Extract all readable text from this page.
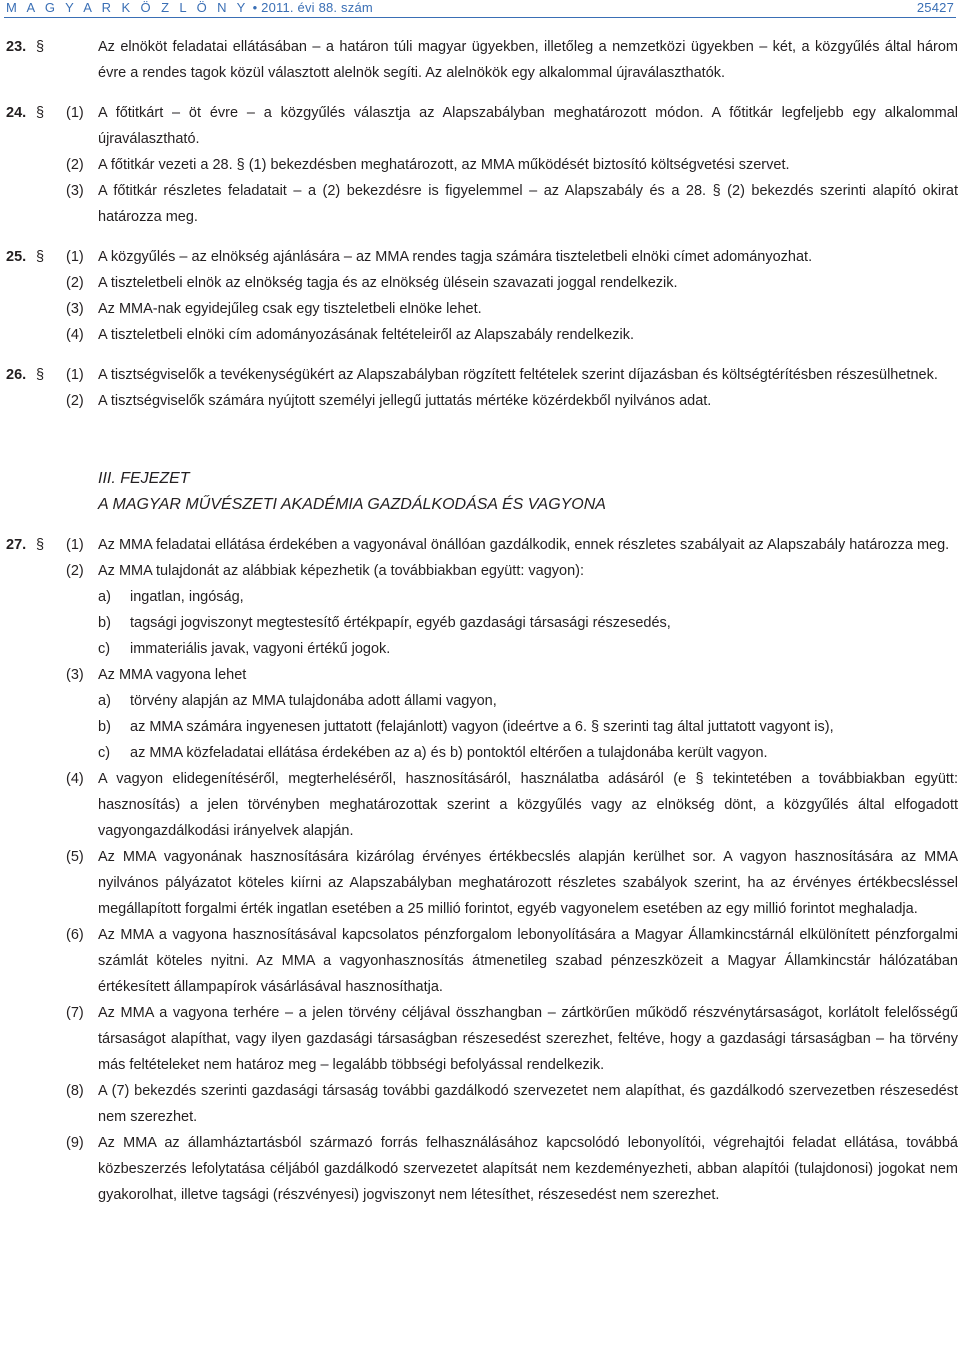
M A G Y A R K Ö Z L Ö N Y • 2011. évi 88. szám	25427
23. §	Az elnököt feladatai ellátásában – a határon túli magyar ügyekben, illetőleg a nemzetközi ügyekben – két, a közgyűlés által három évre a rendes tagok közül választott alelnök segíti. Az alelnökök egy alkalommal újraválaszthatók.
24. § (1) A főtitkárt – öt évre – a közgyűlés választja az Alapszabályban meghatározott módon. A főtitkár legfeljebb egy alkalommal újraválasztható.
(2) A főtitkár vezeti a 28. § (1) bekezdésben meghatározott, az MMA működését biztosító költségvetési szervet.
(3) A főtitkár részletes feladatait – a (2) bekezdésre is figyelemmel – az Alapszabály és a 28. § (2) bekezdés szerinti alapító okirat határozza meg.
25. § (1) A közgyűlés – az elnökség ajánlására – az MMA rendes tagja számára tiszteletbeli elnöki címet adományozhat.
(2) A tiszteletbeli elnök az elnökség tagja és az elnökség ülésein szavazati joggal rendelkezik.
(3) Az MMA-nak egyidejűleg csak egy tiszteletbeli elnöke lehet.
(4) A tiszteletbeli elnöki cím adományozásának feltételeiről az Alapszabály rendelkezik.
26. § (1) A tisztségviselők a tevékenységükért az Alapszabályban rögzített feltételek szerint díjazásban és költségtérítésben részesülhetnek.
(2) A tisztségviselők számára nyújtott személyi jellegű juttatás mértéke közérdekből nyilvános adat.
III. FEJEZET
A MAGYAR MŰVÉSZETI AKADÉMIA GAZDÁLKODÁSA ÉS VAGYONA
27. § (1) Az MMA feladatai ellátása érdekében a vagyonával önállóan gazdálkodik, ennek részletes szabályait az Alapszabály határozza meg.
(2) Az MMA tulajdonát az alábbiak képezhetik (a továbbiakban együtt: vagyon):
a) ingatlan, ingóság,
b) tagsági jogviszonyt megtestesítő értékpapír, egyéb gazdasági társasági részesedés,
c) immateriális javak, vagyoni értékű jogok.
(3) Az MMA vagyona lehet
a) törvény alapján az MMA tulajdonába adott állami vagyon,
b) az MMA számára ingyenesen juttatott (felajánlott) vagyon (ideértve a 6. § szerinti tag által juttatott vagyont is),
c) az MMA közfeladatai ellátása érdekében az a) és b) pontoktól eltérően a tulajdonába került vagyon.
(4) A vagyon elidegenítéséről, megterheléséről, hasznosításáról, használatba adásáról (e § tekintetében a továbbiakban együtt: hasznosítás) a jelen törvényben meghatározottak szerint a közgyűlés vagy az elnökség dönt, a közgyűlés által elfogadott vagyongazdálkodási irányelvek alapján.
(5) Az MMA vagyonának hasznosítására kizárólag érvényes értékbecslés alapján kerülhet sor. A vagyon hasznosítására az MMA nyilvános pályázatot köteles kiírni az Alapszabályban meghatározott részletes szabályok szerint, ha az érvényes értékbecsléssel megállapított forgalmi érték ingatlan esetében a 25 millió forintot, egyéb vagyonelem esetében az egy millió forintot meghaladja.
(6) Az MMA a vagyona hasznosításával kapcsolatos pénzforgalom lebonyolítására a Magyar Államkincstárnál elkülönített pénzforgalmi számlát köteles nyitni. Az MMA a vagyonhasznosítás átmenetileg szabad pénzeszközeit a Magyar Államkincstár hálózatában értékesített állampapírok vásárlásával hasznosíthatja.
(7) Az MMA a vagyona terhére – a jelen törvény céljával összhangban – zártkörűen működő részvénytársaságot, korlátolt felelősségű társaságot alapíthat, vagy ilyen gazdasági társaságban részesedést szerezhet, feltéve, hogy a gazdasági társaságban – ha törvény más feltételeket nem határoz meg – legalább többségi befolyással rendelkezik.
(8) A (7) bekezdés szerinti gazdasági társaság további gazdálkodó szervezetet nem alapíthat, és gazdálkodó szervezetben részesedést nem szerezhet.
(9) Az MMA az államháztartásból származó forrás felhasználásához kapcsolódó lebonyolítói, végrehajtói feladat ellátása, továbbá közbeszerzés lefolytatása céljából gazdálkodó szervezetet alapítsát nem kezdeményezheti, abban alapítói (tulajdonosi) jogokat nem gyakorolhat, illetve tagsági (részvényesi) jogviszonyt nem létesíthet, részesedést nem szerezhet.
